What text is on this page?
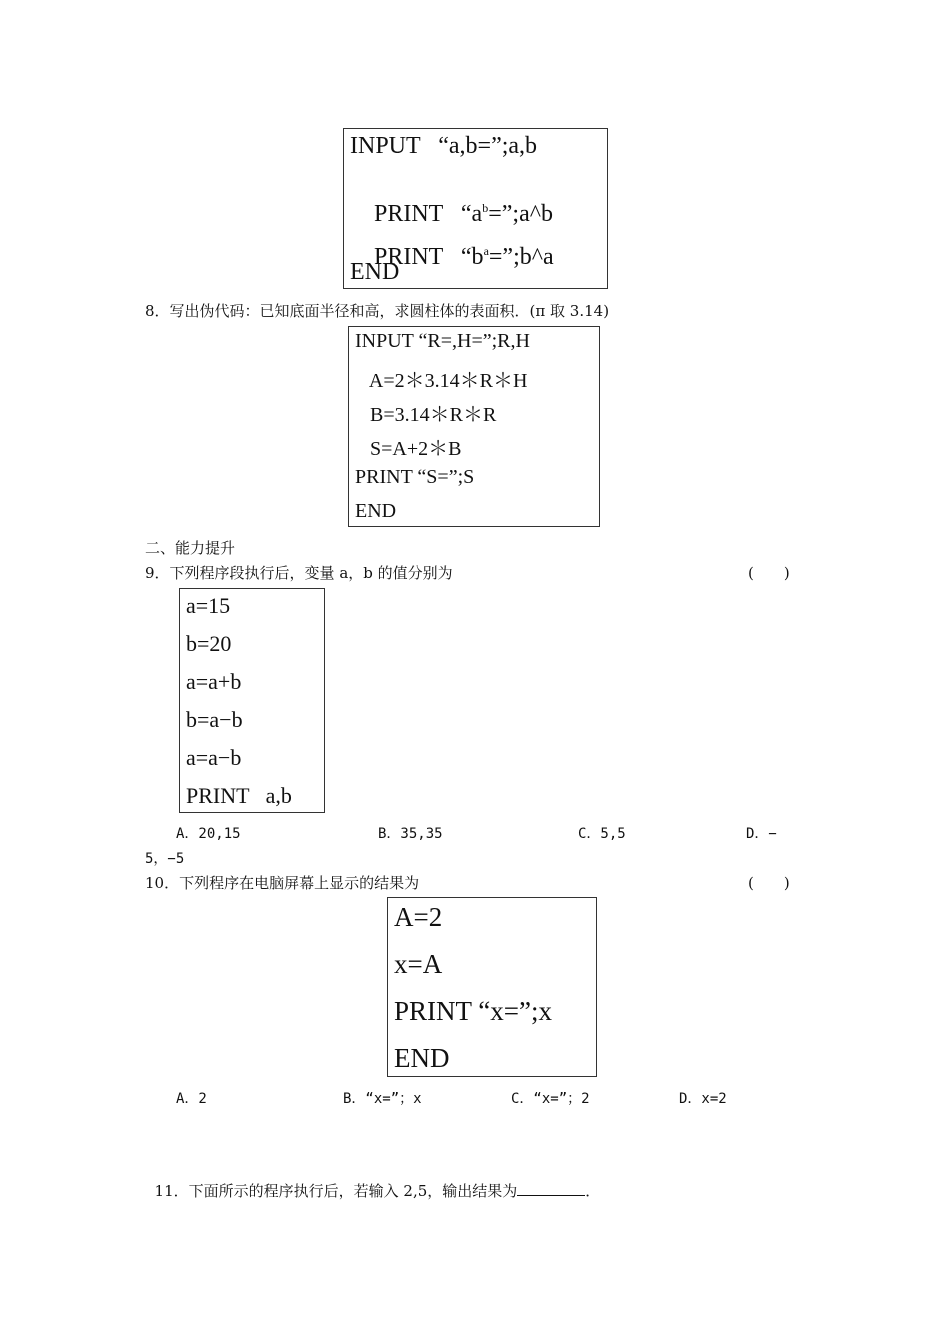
INPUT   “a,b=”;a,b

PRINT   “$a^b=”;a\^{}b$

PRINT   “$b^a=”;b\^{}a$

END
8．写出伪代码：已知底面半径和高，求圆柱体的表面积．(π 取 3.14)
INPUT “R=,H=”;R,H
A=2＊3.14＊R＊H
B=3.14＊R＊R
S=A+2＊B
PRINT “S=”;S
END
二、能力提升
9．下列程序段执行后，变量 a，b 的值分别为	(　　)
a=15
b=20
a=a+b
b=a−b
a=a−b
PRINT   a,b
A．20,15	B．35,35	C．5,5	D．−
5，−5
10．下列程序在电脑屏幕上显示的结果为	(　　)
A=2
x=A
PRINT “x=”;x
END
A．2	B．“x=”；x	C．“x=”；2	D．x=2

11．下面所示的程序执行后，若输入 2,5，输出结果为	．
